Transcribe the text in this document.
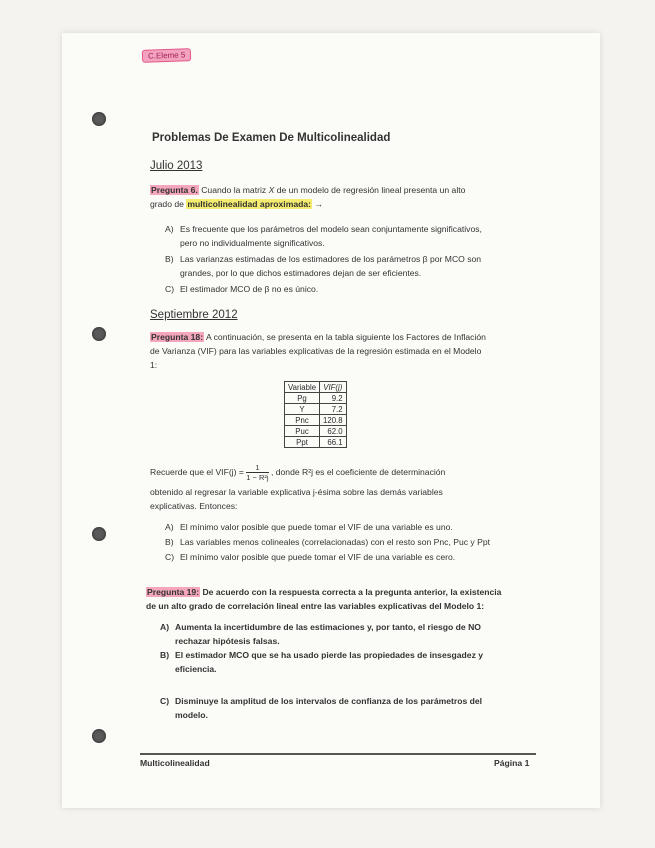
C.Eleme 5
Problemas De Examen De Multicolinealidad
Julio 2013
Pregunta 6. Cuando la matriz X de un modelo de regresión lineal presenta un alto
grado de multicolinealidad aproximada: →
A) Es frecuente que los parámetros del modelo sean conjuntamente significativos,
pero no individualmente significativos.
B) Las varianzas estimadas de los estimadores de los parámetros β por MCO son
grandes, por lo que dichos estimadores dejan de ser eficientes.
C) El estimador MCO de β no es único.
Septiembre 2012
Pregunta 18: A continuación, se presenta en la tabla siguiente los Factores de Inflación
de Varianza (VIF) para las variables explicativas de la regresión estimada en el Modelo
1:
Variable	VIF(j)
Pg	9.2
Y	7.2
Pnc	120.8
Puc	62.0
Ppt	66.1
Recuerde que el $VIF(j) = \frac{1}{\text{1 − R²j}}$ , donde R²j es el coeficiente de determinación
obtenido al regresar la variable explicativa j-ésima sobre las demás variables
explicativas. Entonces:
A) El mínimo valor posible que puede tomar el VIF de una variable es uno.
B) Las variables menos colineales (correlacionadas) con el resto son Pnc, Puc y Ppt
C) El mínimo valor posible que puede tomar el VIF de una variable es cero.
Pregunta 19: De acuerdo con la respuesta correcta a la pregunta anterior, la existencia
de un alto grado de correlación lineal entre las variables explicativas del Modelo 1:
A) Aumenta la incertidumbre de las estimaciones y, por tanto, el riesgo de NO
rechazar hipótesis falsas.
B) El estimador MCO que se ha usado pierde las propiedades de insesgadez y
eficiencia.
C) Disminuye la amplitud de los intervalos de confianza de los parámetros del
modelo.
Multicolinealidad	Página 1
